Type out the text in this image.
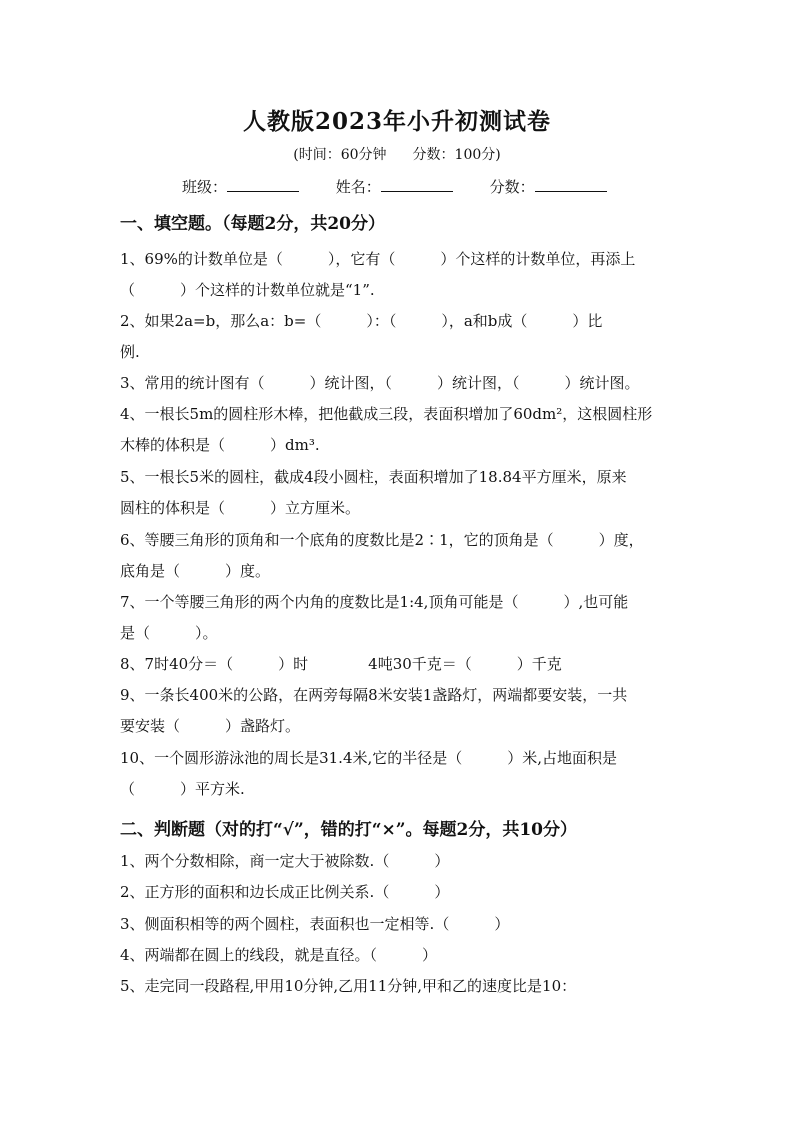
人教版2023年小升初测试卷
(时间：60分钟 分数：100分)
班级：	姓名：	分数：
一、填空题。（每题2分，共20分）
1、69%的计数单位是（　　　），它有（　　　）个这样的计数单位，再添上
（　　　）个这样的计数单位就是“1”.
2、如果2a=b，那么a：b=（　　　）：（　　　），a和b成（　　　）比
例.
3、常用的统计图有（　　　）统计图，（　　　）统计图，（　　　）统计图。
4、一根长5m的圆柱形木棒，把他截成三段，表面积增加了60dm²，这根圆柱形
木棒的体积是（　　　）dm³.
5、一根长5米的圆柱，截成4段小圆柱，表面积增加了18.84平方厘米，原来
圆柱的体积是（　　　）立方厘米。
6、等腰三角形的顶角和一个底角的度数比是2∶1，它的顶角是（　　　）度，
底角是（　　　）度。
7、一个等腰三角形的两个内角的度数比是1:4,顶角可能是（　　　）,也可能
是（　　　）。
8、7时40分＝（　　　）时　　　　4吨30千克＝（　　　）千克
9、一条长400米的公路，在两旁每隔8米安装1盏路灯，两端都要安装，一共
要安装（　　　）盏路灯。
10、一个圆形游泳池的周长是31.4米,它的半径是（　　　）米,占地面积是
（　　　）平方米.
二、判断题（对的打“√”，错的打“×”。每题2分，共10分）
1、两个分数相除，商一定大于被除数.（　　　）
2、正方形的面积和边长成正比例关系.（　　　）
3、侧面积相等的两个圆柱，表面积也一定相等.（　　　）
4、两端都在圆上的线段，就是直径。（　　　）
5、走完同一段路程,甲用10分钟,乙用11分钟,甲和乙的速度比是10：
